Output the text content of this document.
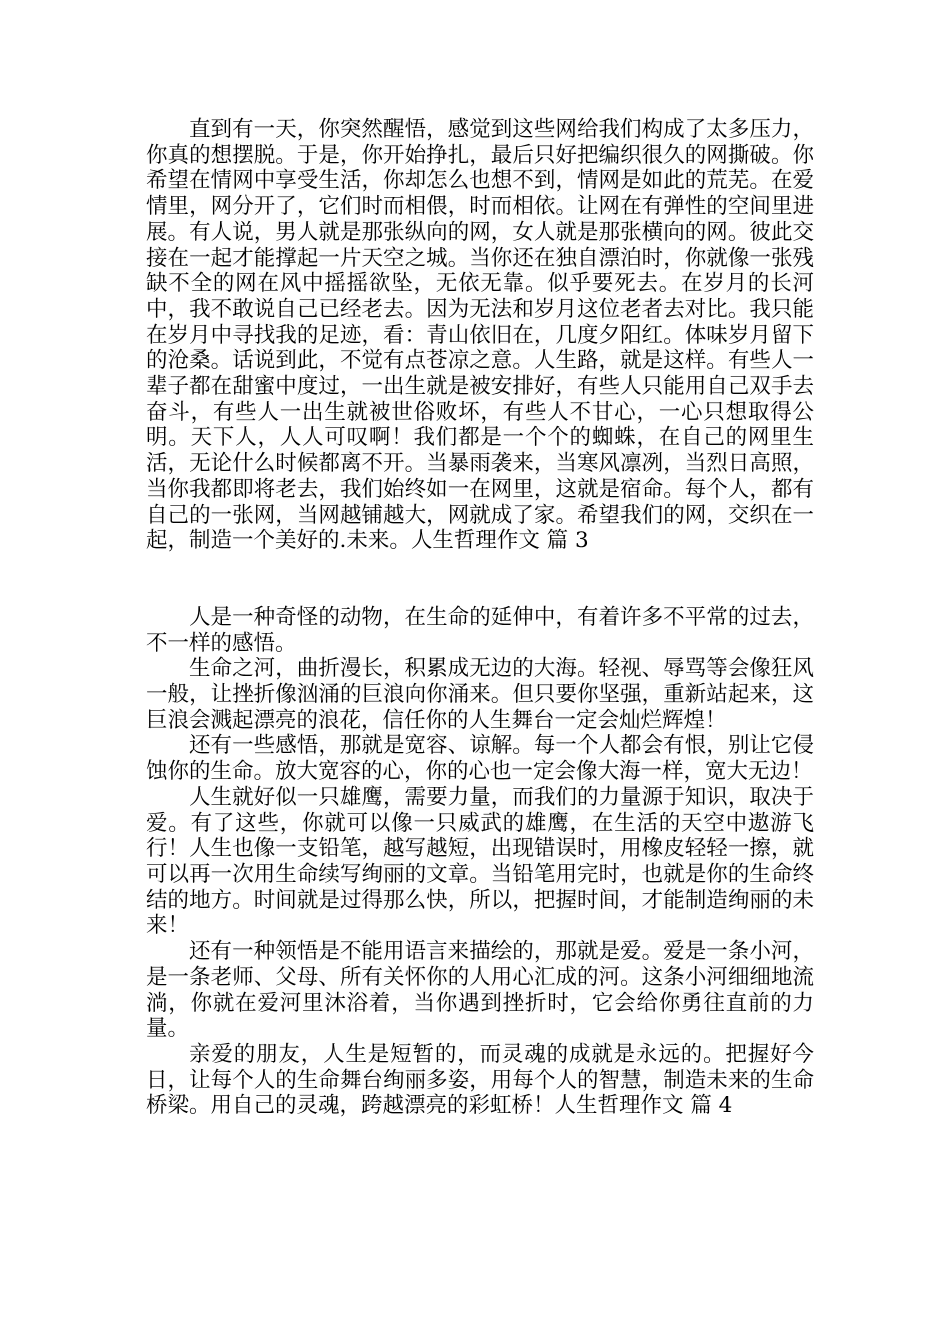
直到有一天，你突然醒悟，感觉到这些网给我们构成了太多压力，你真的想摆脱。于是，你开始挣扎，最后只好把编织很久的网撕破。你希望在情网中享受生活，你却怎么也想不到，情网是如此的荒芜。在爱情里，网分开了，它们时而相偎，时而相依。让网在有弹性的空间里进展。有人说，男人就是那张纵向的网，女人就是那张横向的网。彼此交接在一起才能撑起一片天空之城。当你还在独自漂泊时，你就像一张残缺不全的网在风中摇摇欲坠，无依无靠。似乎要死去。在岁月的长河中，我不敢说自己已经老去。因为无法和岁月这位老者去对比。我只能在岁月中寻找我的足迹，看：青山依旧在，几度夕阳红。体味岁月留下的沧桑。话说到此，不觉有点苍凉之意。人生路，就是这样。有些人一辈子都在甜蜜中度过，一出生就是被安排好，有些人只能用自己双手去奋斗，有些人一出生就被世俗败坏，有些人不甘心，一心只想取得公明。天下人，人人可叹啊！我们都是一个个的蜘蛛，在自己的网里生活，无论什么时候都离不开。当暴雨袭来，当寒风凛冽，当烈日高照，当你我都即将老去，我们始终如一在网里，这就是宿命。每个人，都有自己的一张网，当网越铺越大，网就成了家。希望我们的网，交织在一起，制造一个美好的.未来。人生哲理作文 篇 3

人是一种奇怪的动物，在生命的延伸中，有着许多不平常的过去，不一样的感悟。

生命之河，曲折漫长，积累成无边的大海。轻视、辱骂等会像狂风一般，让挫折像汹涌的巨浪向你涌来。但只要你坚强，重新站起来，这巨浪会溅起漂亮的浪花，信任你的人生舞台一定会灿烂辉煌！

还有一些感悟，那就是宽容、谅解。每一个人都会有恨，别让它侵蚀你的生命。放大宽容的心，你的心也一定会像大海一样，宽大无边！

人生就好似一只雄鹰，需要力量，而我们的力量源于知识，取决于爱。有了这些，你就可以像一只威武的雄鹰，在生活的天空中遨游飞行！人生也像一支铅笔，越写越短，出现错误时，用橡皮轻轻一擦，就可以再一次用生命续写绚丽的文章。当铅笔用完时，也就是你的生命终结的地方。时间就是过得那么快，所以，把握时间，才能制造绚丽的未来！

还有一种领悟是不能用语言来描绘的，那就是爱。爱是一条小河，是一条老师、父母、所有关怀你的人用心汇成的河。这条小河细细地流淌，你就在爱河里沐浴着，当你遇到挫折时，它会给你勇往直前的力量。

亲爱的朋友，人生是短暂的，而灵魂的成就是永远的。把握好今日，让每个人的生命舞台绚丽多姿，用每个人的智慧，制造未来的生命桥梁。用自己的灵魂，跨越漂亮的彩虹桥！人生哲理作文 篇 4
